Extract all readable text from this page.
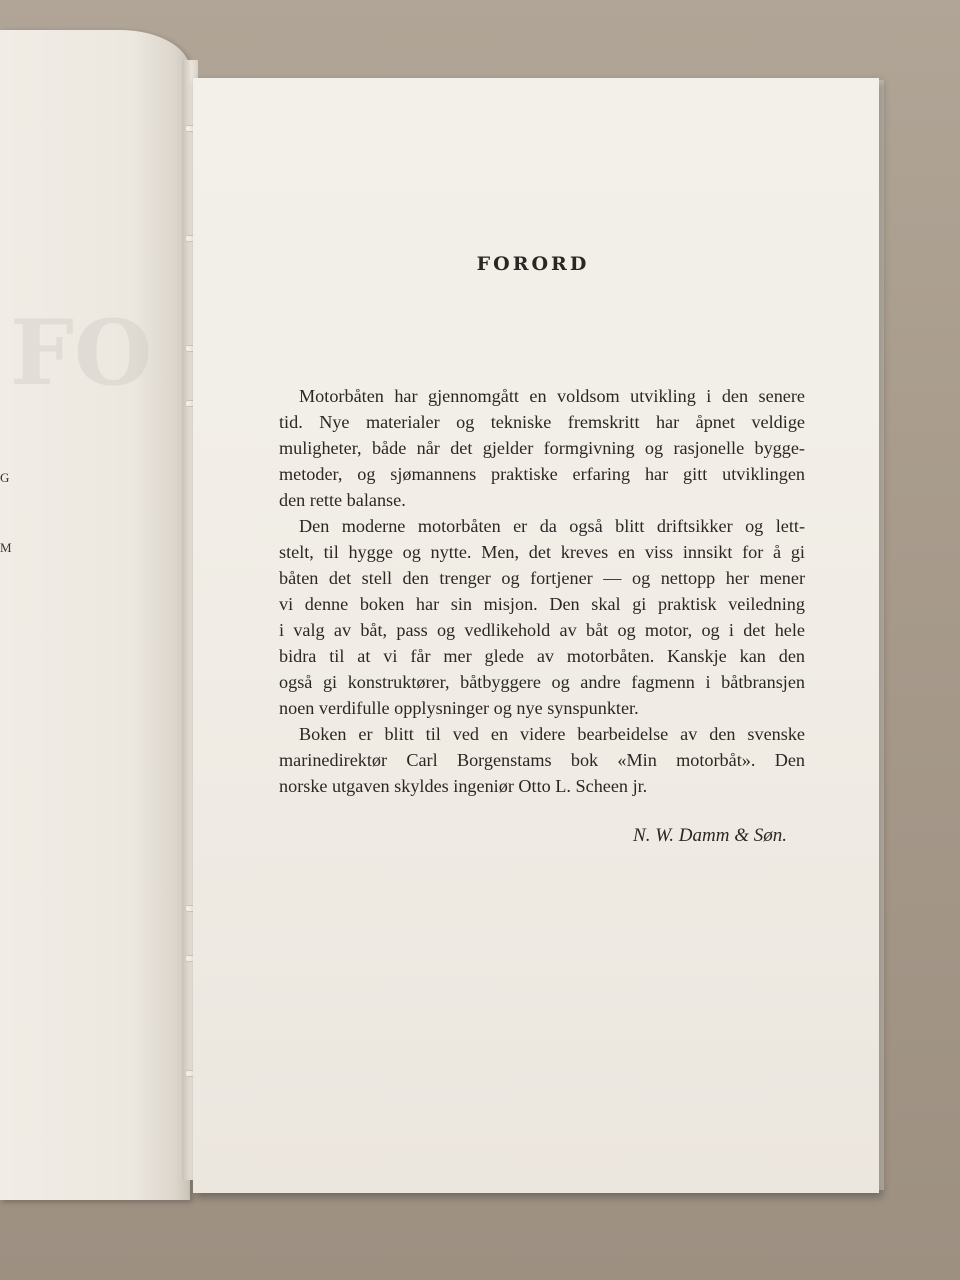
FO
G
M
FORORD
Motorbåten har gjennomgått en voldsom utvikling i den senere
tid. Nye materialer og tekniske fremskritt har åpnet veldige
muligheter, både når det gjelder formgivning og rasjonelle bygge-
metoder, og sjømannens praktiske erfaring har gitt utviklingen
den rette balanse.
Den moderne motorbåten er da også blitt driftsikker og lett-
stelt, til hygge og nytte. Men, det kreves en viss innsikt for å gi
båten det stell den trenger og fortjener — og nettopp her mener
vi denne boken har sin misjon. Den skal gi praktisk veiledning
i valg av båt, pass og vedlikehold av båt og motor, og i det hele
bidra til at vi får mer glede av motorbåten. Kanskje kan den
også gi konstruktører, båtbyggere og andre fagmenn i båtbransjen
noen verdifulle opplysninger og nye synspunkter.
Boken er blitt til ved en videre bearbeidelse av den svenske
marinedirektør Carl Borgenstams bok «Min motorbåt». Den
norske utgaven skyldes ingeniør Otto L. Scheen jr.
N. W. Damm & Søn.
